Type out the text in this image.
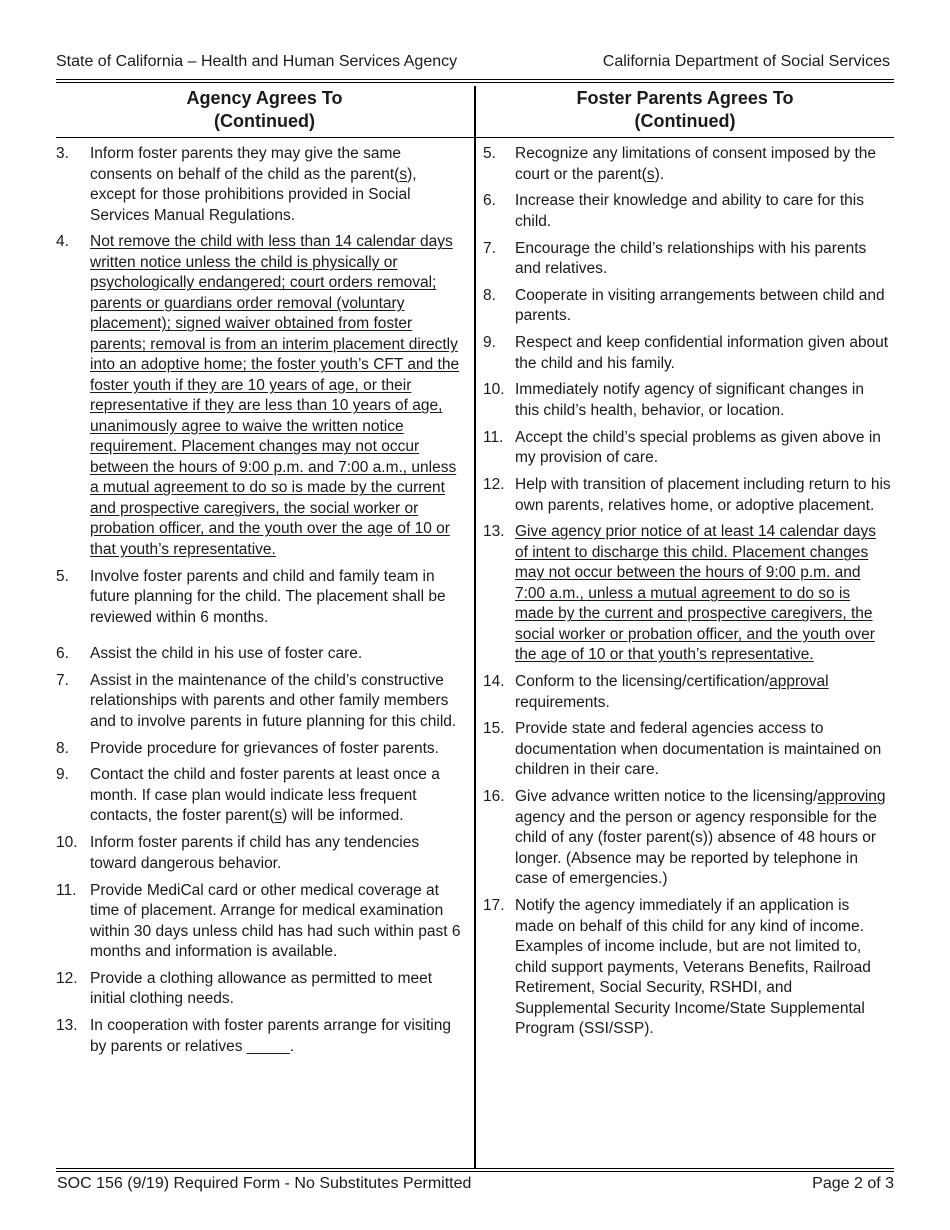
State of California – Health and Human Services Agency	California Department of Social Services
Agency Agrees To
(Continued)
Foster Parents Agrees To
(Continued)
3.	Inform foster parents they may give the same consents on behalf of the child as the parent(s), except for those prohibitions provided in Social Services Manual Regulations.
4.	Not remove the child with less than 14 calendar days written notice unless the child is physically or psychologically endangered; court orders removal; parents or guardians order removal (voluntary placement); signed waiver obtained from foster parents; removal is from an interim placement directly into an adoptive home; the foster youth’s CFT and the foster youth if they are 10 years of age, or their representative if they are less than 10 years of age, unanimously agree to waive the written notice requirement. Placement changes may not occur between the hours of 9:00 p.m. and 7:00 a.m., unless a mutual agreement to do so is made by the current and prospective caregivers, the social worker or probation officer, and the youth over the age of 10 or that youth’s representative.
5.	Involve foster parents and child and family team in future planning for the child. The placement shall be reviewed within 6 months.
6.	Assist the child in his use of foster care.
7.	Assist in the maintenance of the child’s constructive relationships with parents and other family members and to involve parents in future planning for this child.
8.	Provide procedure for grievances of foster parents.
9.	Contact the child and foster parents at least once a month. If case plan would indicate less frequent contacts, the foster parent(s) will be informed.
10. Inform foster parents if child has any tendencies toward dangerous behavior.
11. Provide MediCal card or other medical coverage at time of placement. Arrange for medical examination within 30 days unless child has had such within past 6 months and information is available.
12. Provide a clothing allowance as permitted to meet initial clothing needs.
13. In cooperation with foster parents arrange for visiting by parents or relatives _____.
5.	Recognize any limitations of consent imposed by the court or the parent(s).
6.	Increase their knowledge and ability to care for this child.
7.	Encourage the child’s relationships with his parents and relatives.
8.	Cooperate in visiting arrangements between child and parents.
9.	Respect and keep confidential information given about the child and his family.
10. Immediately notify agency of significant changes in this child’s health, behavior, or location.
11. Accept the child’s special problems as given above in my provision of care.
12. Help with transition of placement including return to his own parents, relatives home, or adoptive placement.
13. Give agency prior notice of at least 14 calendar days of intent to discharge this child. Placement changes may not occur between the hours of 9:00 p.m. and 7:00 a.m., unless a mutual agreement to do so is made by the current and prospective caregivers, the social worker or probation officer, and the youth over the age of 10 or that youth’s representative.
14. Conform to the licensing/certification/approval requirements.
15. Provide state and federal agencies access to documentation when documentation is maintained on children in their care.
16. Give advance written notice to the licensing/approving agency and the person or agency responsible for the child of any (foster parent(s)) absence of 48 hours or longer. (Absence may be reported by telephone in case of emergencies.)
17. Notify the agency immediately if an application is made on behalf of this child for any kind of income. Examples of income include, but are not limited to, child support payments, Veterans Benefits, Railroad Retirement, Social Security, RSHDI, and Supplemental Security Income/State Supplemental Program (SSI/SSP).
SOC 156 (9/19) Required Form - No Substitutes Permitted	Page 2 of 3
